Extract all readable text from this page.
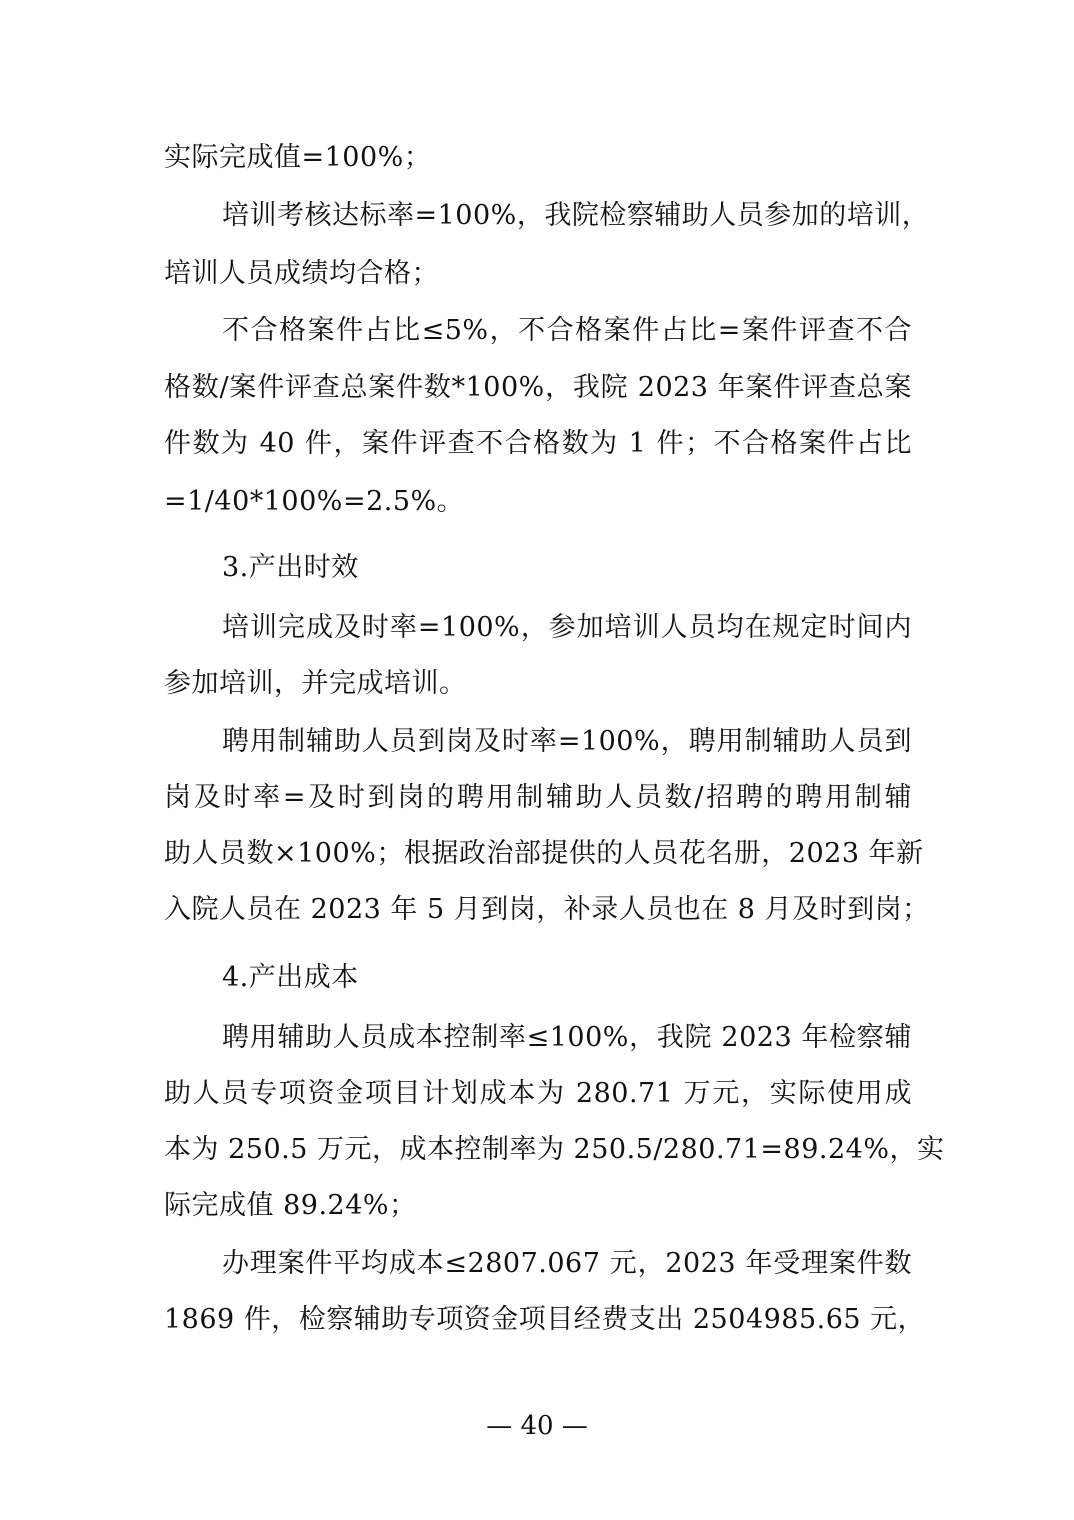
实际完成值=100%；
培训考核达标率=100%，我院检察辅助人员参加的培训，
培训人员成绩均合格；
不合格案件占比≤5%，不合格案件占比=案件评查不合
格数/案件评查总案件数*100%，我院 2023 年案件评查总案
件数为 40 件，案件评查不合格数为 1 件；不合格案件占比
=1/40*100%=2.5%。
3.产出时效
培训完成及时率=100%，参加培训人员均在规定时间内
参加培训，并完成培训。
聘用制辅助人员到岗及时率=100%，聘用制辅助人员到
岗及时率=及时到岗的聘用制辅助人员数/招聘的聘用制辅
助人员数×100%；根据政治部提供的人员花名册，2023 年新
入院人员在 2023 年 5 月到岗，补录人员也在 8 月及时到岗；
4.产出成本
聘用辅助人员成本控制率≤100%，我院 2023 年检察辅
助人员专项资金项目计划成本为 280.71 万元，实际使用成
本为 250.5 万元，成本控制率为 250.5/280.71=89.24%，实
际完成值 89.24%；
办理案件平均成本≤2807.067 元，2023 年受理案件数
1869 件，检察辅助专项资金项目经费支出 2504985.65 元，
— 40 —
